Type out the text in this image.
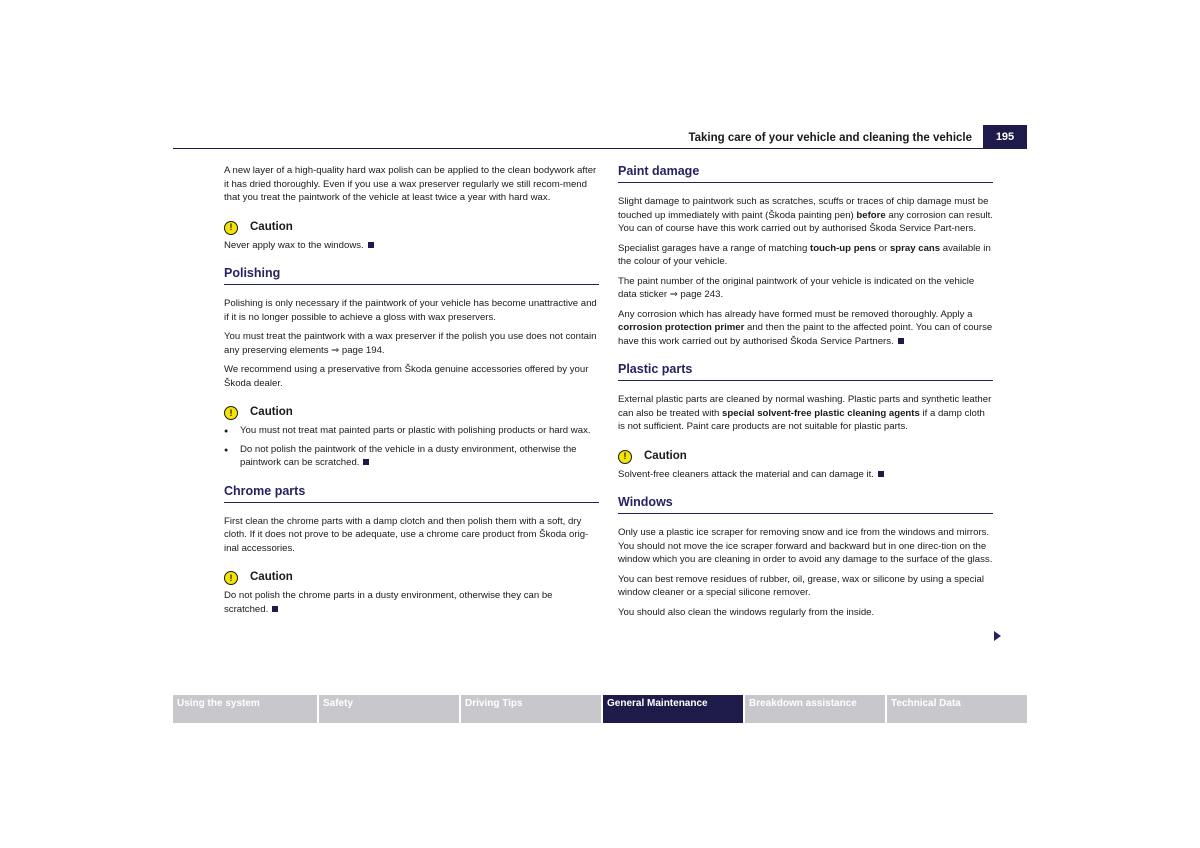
Taking care of your vehicle and cleaning the vehicle	195

A new layer of a high-quality hard wax polish can be applied to the clean bodywork after it has dried thoroughly. Even if you use a wax preserver regularly we still recom-mend that you treat the paintwork of the vehicle at least twice a year with hard wax.

!	Caution

Never apply wax to the windows.

Polishing

Polishing is only necessary if the paintwork of your vehicle has become unattractive and if it is no longer possible to achieve a gloss with wax preservers.

You must treat the paintwork with a wax preserver if the polish you use does not contain any preserving elements ⇒ page 194.

We recommend using a preservative from Škoda genuine accessories offered by your Škoda dealer.

!	Caution
●
You must not treat mat painted parts or plastic with polishing products or hard wax.
●
Do not polish the paintwork of the vehicle in a dusty environment, otherwise the paintwork can be scratched.
Chrome parts

First clean the chrome parts with a damp clotch and then polish them with a soft, dry cloth. If it does not prove to be adequate, use a chrome care product from Škoda orig-inal accessories.

!	Caution

Do not polish the chrome parts in a dusty environment, otherwise they can be scratched.

Paint damage

Slight damage to paintwork such as scratches, scuffs or traces of chip damage must be touched up immediately with paint (Škoda painting pen) before any corrosion can result. You can of course have this work carried out by authorised Škoda Service Part-ners.

Specialist garages have a range of matching touch-up pens or spray cans available in the colour of your vehicle.

The paint number of the original paintwork of your vehicle is indicated on the vehicle data sticker ⇒ page 243.

Any corrosion which has already have formed must be removed thoroughly. Apply a corrosion protection primer and then the paint to the affected point. You can of course have this work carried out by authorised Škoda Service Partners.

Plastic parts

External plastic parts are cleaned by normal washing. Plastic parts and synthetic leather can also be treated with special solvent-free plastic cleaning agents if a damp cloth is not sufficient. Paint care products are not suitable for plastic parts.

!	Caution

Solvent-free cleaners attack the material and can damage it.

Windows

Only use a plastic ice scraper for removing snow and ice from the windows and mirrors. You should not move the ice scraper forward and backward but in one direc-tion on the window which you are cleaning in order to avoid any damage to the surface of the glass.

You can best remove residues of rubber, oil, grease, wax or silicone by using a special window cleaner or a special silicone remover.

You should also clean the windows regularly from the inside.

Using the system	Safety	Driving Tips	General Maintenance	Breakdown assistance	Technical Data
